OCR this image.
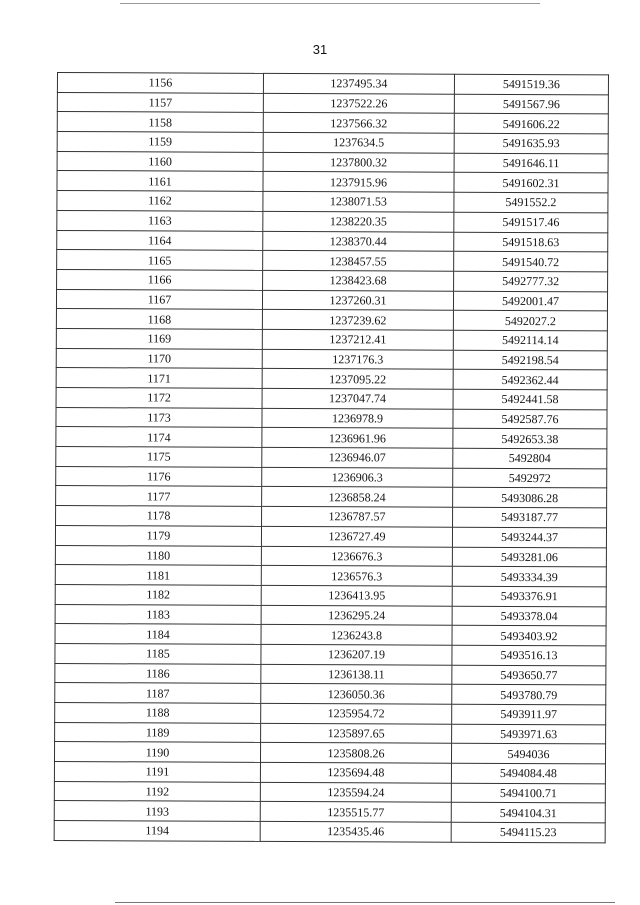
31
1156	1237495.34	5491519.36
1157	1237522.26	5491567.96
1158	1237566.32	5491606.22
1159	1237634.5	5491635.93
1160	1237800.32	5491646.11
1161	1237915.96	5491602.31
1162	1238071.53	5491552.2
1163	1238220.35	5491517.46
1164	1238370.44	5491518.63
1165	1238457.55	5491540.72
1166	1238423.68	5492777.32
1167	1237260.31	5492001.47
1168	1237239.62	5492027.2
1169	1237212.41	5492114.14
1170	1237176.3	5492198.54
1171	1237095.22	5492362.44
1172	1237047.74	5492441.58
1173	1236978.9	5492587.76
1174	1236961.96	5492653.38
1175	1236946.07	5492804
1176	1236906.3	5492972
1177	1236858.24	5493086.28
1178	1236787.57	5493187.77
1179	1236727.49	5493244.37
1180	1236676.3	5493281.06
1181	1236576.3	5493334.39
1182	1236413.95	5493376.91
1183	1236295.24	5493378.04
1184	1236243.8	5493403.92
1185	1236207.19	5493516.13
1186	1236138.11	5493650.77
1187	1236050.36	5493780.79
1188	1235954.72	5493911.97
1189	1235897.65	5493971.63
1190	1235808.26	5494036
1191	1235694.48	5494084.48
1192	1235594.24	5494100.71
1193	1235515.77	5494104.31
1194	1235435.46	5494115.23
